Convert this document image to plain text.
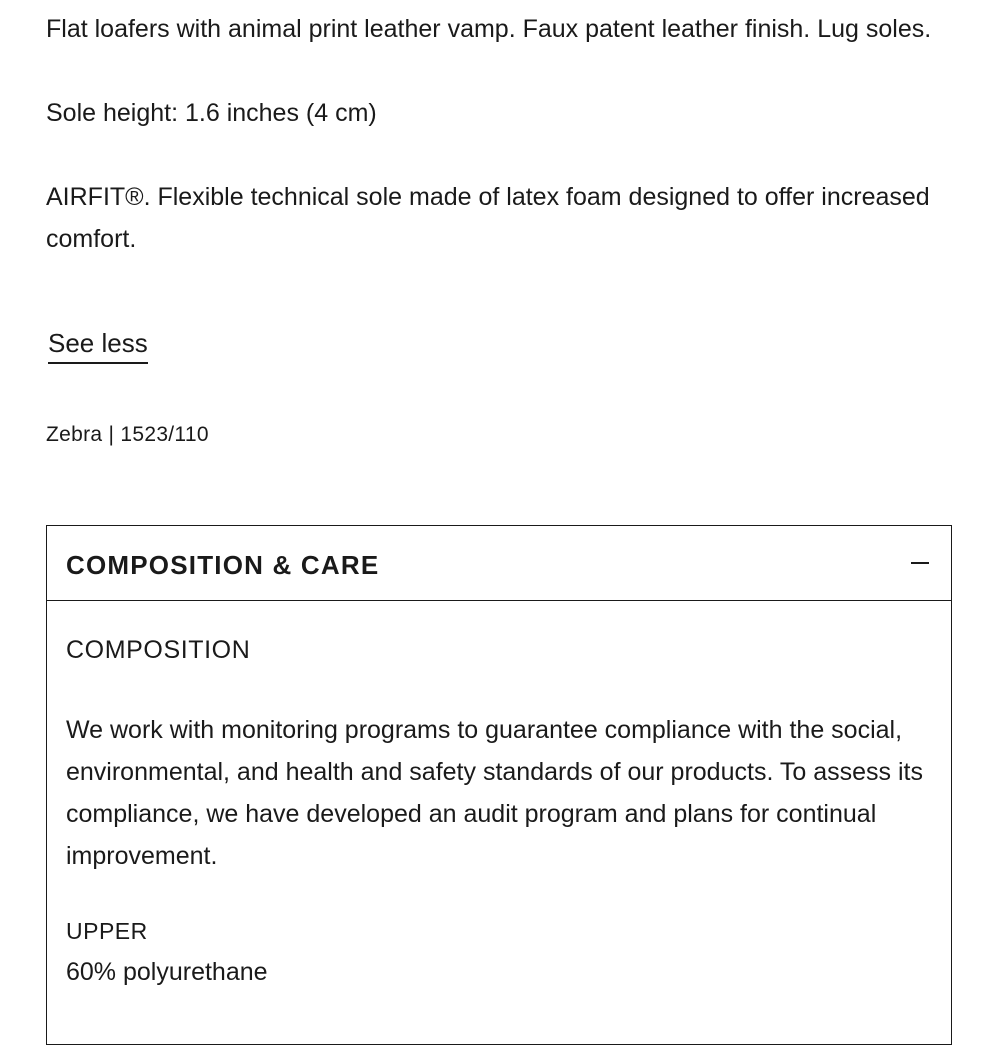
Flat loafers with animal print leather vamp. Faux patent leather finish. Lug soles.

Sole height: 1.6 inches (4 cm)

AIRFIT®. Flexible technical sole made of latex foam designed to offer increased comfort.

See less
Zebra | 1523/110
COMPOSITION & CARE
COMPOSITION
We work with monitoring programs to guarantee compliance with the social, environmental, and health and safety standards of our products. To assess its compliance, we have developed an audit program and plans for continual improvement.
UPPER
60% polyurethane
